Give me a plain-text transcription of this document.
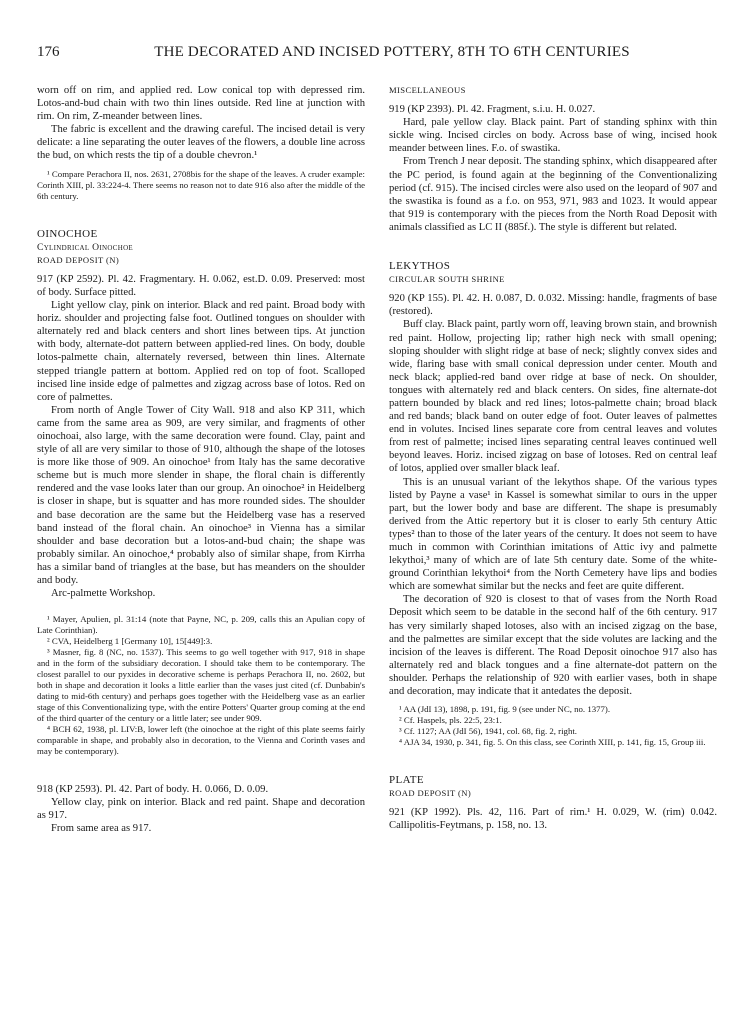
176	THE DECORATED AND INCISED POTTERY, 8TH TO 6TH CENTURIES

worn off on rim, and applied red. Low conical top with depressed rim. Lotos-and-bud chain with two thin lines outside. Red line at junction with rim. On rim, Z-meander between lines.

The fabric is excellent and the drawing careful. The incised detail is very delicate: a line separating the outer leaves of the flowers, a double line across the bud, on which rests the tip of a double chevron.¹

¹ Compare Perachora II, nos. 2631, 2708bis for the shape of the leaves. A cruder example: Corinth XIII, pl. 33:224-4. There seems no reason not to date 916 also after the middle of the 6th century.

OINOCHOE

Cylindrical Oinochoe

ROAD DEPOSIT (N)

917 (KP 2592). Pl. 42. Fragmentary. H. 0.062, est.D. 0.09. Preserved: most of body. Surface pitted.

Light yellow clay, pink on interior. Black and red paint. Broad body with horiz. shoulder and projecting false foot. Outlined tongues on shoulder with alternately red and black centers and short lines between tips. At junction with body, alternate-dot pattern between applied-red lines. On body, double lotos-palmette chain, alternately reversed, between thin lines. Alternate stepped triangle pattern at bottom. Applied red on top of foot. Scalloped incised line inside edge of palmettes and zigzag across base of lotos. Red on core of palmettes.

From north of Angle Tower of City Wall. 918 and also KP 311, which came from the same area as 909, are very similar, and fragments of other oinochoai, also large, with the same decoration were found. Clay, paint and style of all are very similar to those of 910, although the shape of the lotoses is more like those of 909. An oinochoe¹ from Italy has the same decorative scheme but is much more slender in shape, the floral chain is differently rendered and the vase looks later than our group. An oinochoe² in Heidelberg is closer in shape, but is squatter and has more rounded sides. The shoulder and base decoration are the same but the Heidelberg vase has a reserved band instead of the floral chain. An oinochoe³ in Vienna has a similar shoulder and base decoration but a lotos-and-bud chain; the shape was probably similar. An oinochoe,⁴ probably also of similar shape, from Kirrha has a similar band of triangles at the base, but has meanders on the shoulder and body.

Arc-palmette Workshop.

¹ Mayer, Apulien, pl. 31:14 (note that Payne, NC, p. 209, calls this an Apulian copy of Late Corinthian).

² CVA, Heidelberg 1 [Germany 10], 15[449]:3.

³ Masner, fig. 8 (NC, no. 1537). This seems to go well together with 917, 918 in shape and in the form of the subsidiary decoration. I should take them to be contemporary. The closest parallel to our pyxides in decorative scheme is perhaps Perachora II, no. 2602, but both in shape and decoration it looks a little earlier than the vases just cited (cf. Dunbabin's dating to mid-6th century) and perhaps goes together with the Heidelberg vase as an earlier stage of this Conventionalizing type, with the entire Potters' Quarter group coming at the end of the third quarter of the century or a little later; see under 909.

⁴ BCH 62, 1938, pl. LIV:B, lower left (the oinochoe at the right of this plate seems fairly comparable in shape, and probably also in decoration, to the Vienna and Corinth vases and may be contemporary).

918 (KP 2593). Pl. 42. Part of body. H. 0.066, D. 0.09.

Yellow clay, pink on interior. Black and red paint. Shape and decoration as 917.

From same area as 917.

MISCELLANEOUS

919 (KP 2393). Pl. 42. Fragment, s.i.u. H. 0.027.

Hard, pale yellow clay. Black paint. Part of standing sphinx with thin sickle wing. Incised circles on body. Across base of wing, incised hook meander between lines. F.o. of swastika.

From Trench J near deposit. The standing sphinx, which disappeared after the PC period, is found again at the beginning of the Conventionalizing period (cf. 915). The incised circles were also used on the leopard of 907 and the swastika is found as a f.o. on 953, 971, 983 and 1023. It would appear that 919 is contemporary with the pieces from the North Road Deposit with animals classified as LC II (885f.). The style is different but related.

LEKYTHOS

CIRCULAR SOUTH SHRINE

920 (KP 155). Pl. 42. H. 0.087, D. 0.032. Missing: handle, fragments of base (restored).

Buff clay. Black paint, partly worn off, leaving brown stain, and brownish red paint. Hollow, projecting lip; rather high neck with small opening; sloping shoulder with slight ridge at base of neck; slightly convex sides and wide, flaring base with small conical depression under center. Mouth and neck black; applied-red band over ridge at base of neck. On shoulder, tongues with alternately red and black centers. On sides, fine alternate-dot pattern bounded by black and red lines; lotos-palmette chain; broad black and red bands; black band on outer edge of foot. Outer leaves of palmettes end in volutes. Incised lines separate core from central leaves and volutes from rest of palmette; incised lines separating central leaves continued well beyond leaves. Horiz. incised zigzag on base of lotoses. Red on central leaf of lotos, applied over smaller black leaf.

This is an unusual variant of the lekythos shape. Of the various types listed by Payne a vase¹ in Kassel is somewhat similar to ours in the upper part, but the lower body and base are different. The shape is presumably derived from the Attic repertory but it is closer to early 5th century Attic types² than to those of the later years of the century. It does not seem to have much in common with Corinthian imitations of Attic ivy and palmette lekythoi,³ many of which are of late 5th century date. Some of the white-ground Corinthian lekythoi⁴ from the North Cemetery have lips and bodies which are somewhat similar but the necks and feet are quite different.

The decoration of 920 is closest to that of vases from the North Road Deposit which seem to be datable in the second half of the 6th century. 917 has very similarly shaped lotoses, also with an incised zigzag on the base, and the palmettes are similar except that the side volutes are lacking and the incision of the leaves is different. The Road Deposit oinochoe 917 also has alternately red and black tongues and a fine alternate-dot pattern on the shoulder. Perhaps the relationship of 920 with earlier vases, both in shape and decoration, may indicate that it antedates the deposit.

¹ AA (JdI 13), 1898, p. 191, fig. 9 (see under NC, no. 1377).

² Cf. Haspels, pls. 22:5, 23:1.

³ Cf. 1127; AA (JdI 56), 1941, col. 68, fig. 2, right.

⁴ AJA 34, 1930, p. 341, fig. 5. On this class, see Corinth XIII, p. 141, fig. 15, Group iii.

PLATE

ROAD DEPOSIT (N)

921 (KP 1992). Pls. 42, 116. Part of rim.¹ H. 0.029, W. (rim) 0.042. Callipolitis-Feytmans, p. 158, no. 13.
